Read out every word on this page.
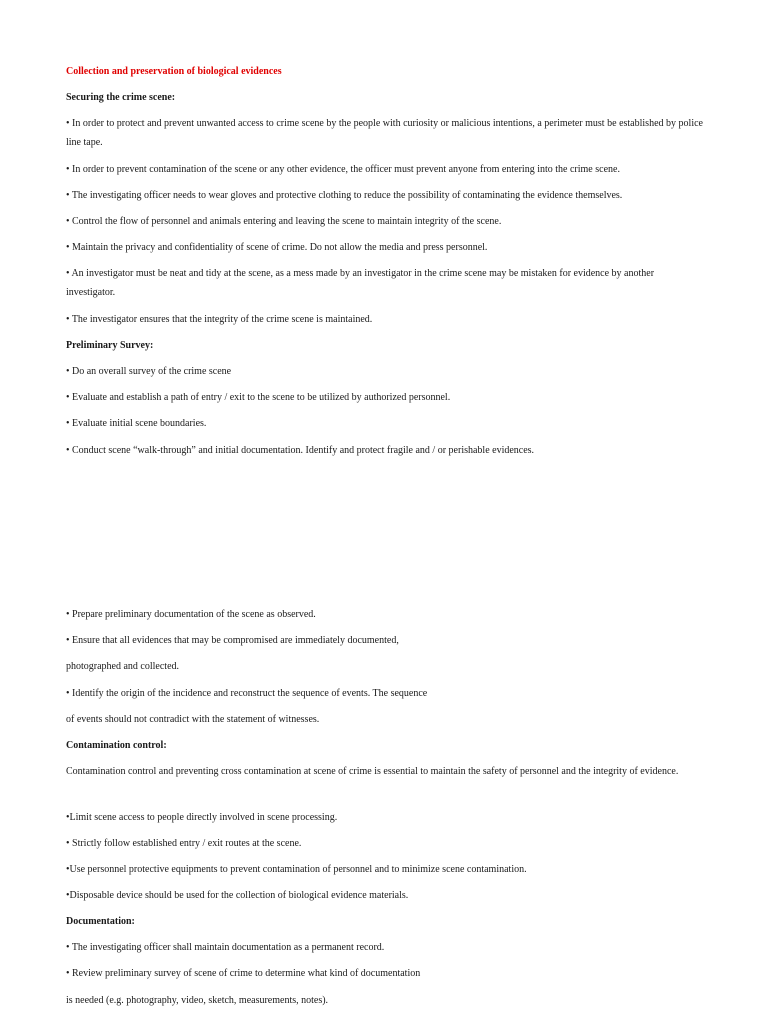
Collection and preservation of biological evidences
Securing the crime scene:
• In order to protect and prevent unwanted access to crime scene by the people with curiosity or malicious intentions, a perimeter must be established by police line tape.
• In order to prevent contamination of the scene or any other evidence, the officer must prevent anyone from entering into the crime scene.
• The investigating officer needs to wear gloves and protective clothing to reduce the possibility of contaminating the evidence themselves.
• Control the flow of personnel and animals entering and leaving the scene to maintain integrity of the scene.
• Maintain the privacy and confidentiality of scene of crime. Do not allow the media and press personnel.
• An investigator must be neat and tidy at the scene, as a mess made by an investigator in the crime scene may be mistaken for evidence by another investigator.
• The investigator ensures that the integrity of the crime scene is maintained.
Preliminary Survey:
• Do an overall survey of the crime scene
• Evaluate and establish a path of entry / exit to the scene to be utilized by authorized personnel.
• Evaluate initial scene boundaries.
• Conduct scene “walk-through” and initial documentation. Identify and protect fragile and / or perishable evidences.
• Prepare preliminary documentation of the scene as observed.
• Ensure that all evidences that may be compromised are immediately documented,
photographed and collected.
• Identify the origin of the incidence and reconstruct the sequence of events. The sequence
of events should not contradict with the statement of witnesses.
Contamination control:
Contamination control and preventing cross contamination at scene of crime is essential to maintain the safety of personnel and the integrity of evidence.
•Limit scene access to people directly involved in scene processing.
• Strictly follow established entry / exit routes at the scene.
•Use personnel protective equipments to prevent contamination of personnel and to minimize scene contamination.
•Disposable device should be used for the collection of biological evidence materials.
Documentation:
• The investigating officer shall maintain documentation as a permanent record.
• Review preliminary survey of scene of crime to determine what kind of documentation
is needed (e.g. photography, video, sketch, measurements, notes).
